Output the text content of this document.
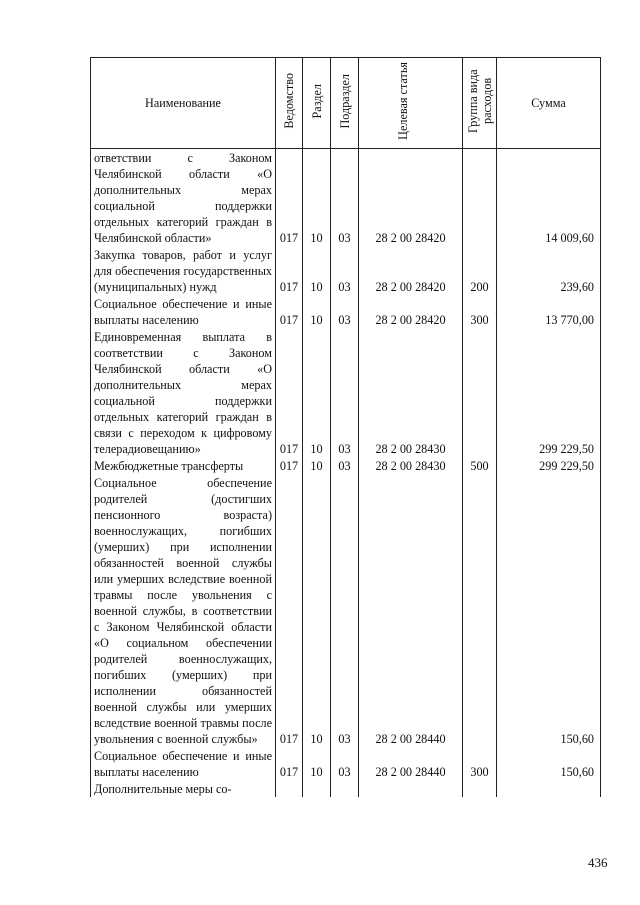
Наименование	Ведомство	Раздел	Подраздел	Целевая статья	Группа вида расходов	Сумма
ответствии с Законом Челябинской области «О дополнительных мерах социальной поддержки отдельных категорий граждан в Челябинской области»	017	10	03	28 2 00 28420		14 009,60
Закупка товаров, работ и услуг для обеспечения государственных (муниципальных) нужд	017	10	03	28 2 00 28420	200	239,60
Социальное обеспечение и иные выплаты населению	017	10	03	28 2 00 28420	300	13 770,00
Единовременная выплата в соответствии с Законом Челябинской области «О дополнительных мерах социальной поддержки отдельных категорий граждан в связи с переходом к цифровому телерадиовещанию»	017	10	03	28 2 00 28430		299 229,50
Межбюджетные трансферты	017	10	03	28 2 00 28430	500	299 229,50
Социальное обеспечение родителей (достигших пенсионного возраста) военнослужащих, погибших (умерших) при исполнении обязанностей военной службы или умерших вследствие военной травмы после увольнения с военной службы, в соответствии с Законом Челябинской области «О социальном обеспечении родителей военнослужащих, погибших (умерших) при исполнении обязанностей военной службы или умерших вследствие военной травмы после увольнения с военной службы»	017	10	03	28 2 00 28440		150,60
Социальное обеспечение и иные выплаты населению	017	10	03	28 2 00 28440	300	150,60
Дополнительные меры со-						
436
